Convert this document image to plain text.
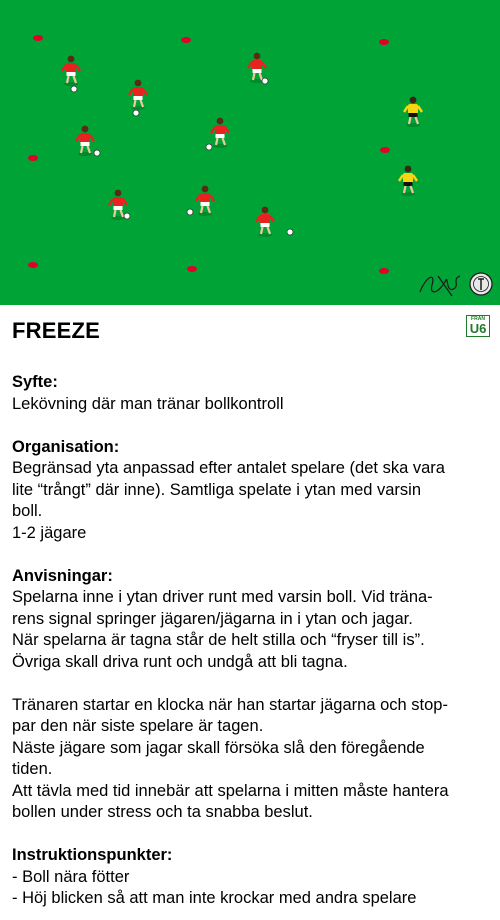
FREEZE	FRÅN
U6
Syfte:

Lekövning där man tränar bollkontroll

Organisation:

Begränsad yta anpassad efter antalet spelare (det ska vara

lite “trångt” där inne). Samtliga spelate i ytan med varsin

boll.

1-2 jägare

Anvisningar:

Spelarna inne i ytan driver runt med varsin boll. Vid träna-

rens signal springer jägaren/jägarna in i ytan och jagar.

När spelarna är tagna står de helt stilla och “fryser till is”.

Övriga skall driva runt och undgå att bli tagna.

Tränaren startar en klocka när han startar jägarna och stop-

par den när siste spelare är tagen.

Näste jägare som jagar skall försöka slå den föregående

tiden.

Att tävla med tid innebär att spelarna i mitten måste hantera

bollen under stress och ta snabba beslut.

Instruktionspunkter:

- Boll nära fötter

- Höj blicken så att man inte krockar med andra spelare
